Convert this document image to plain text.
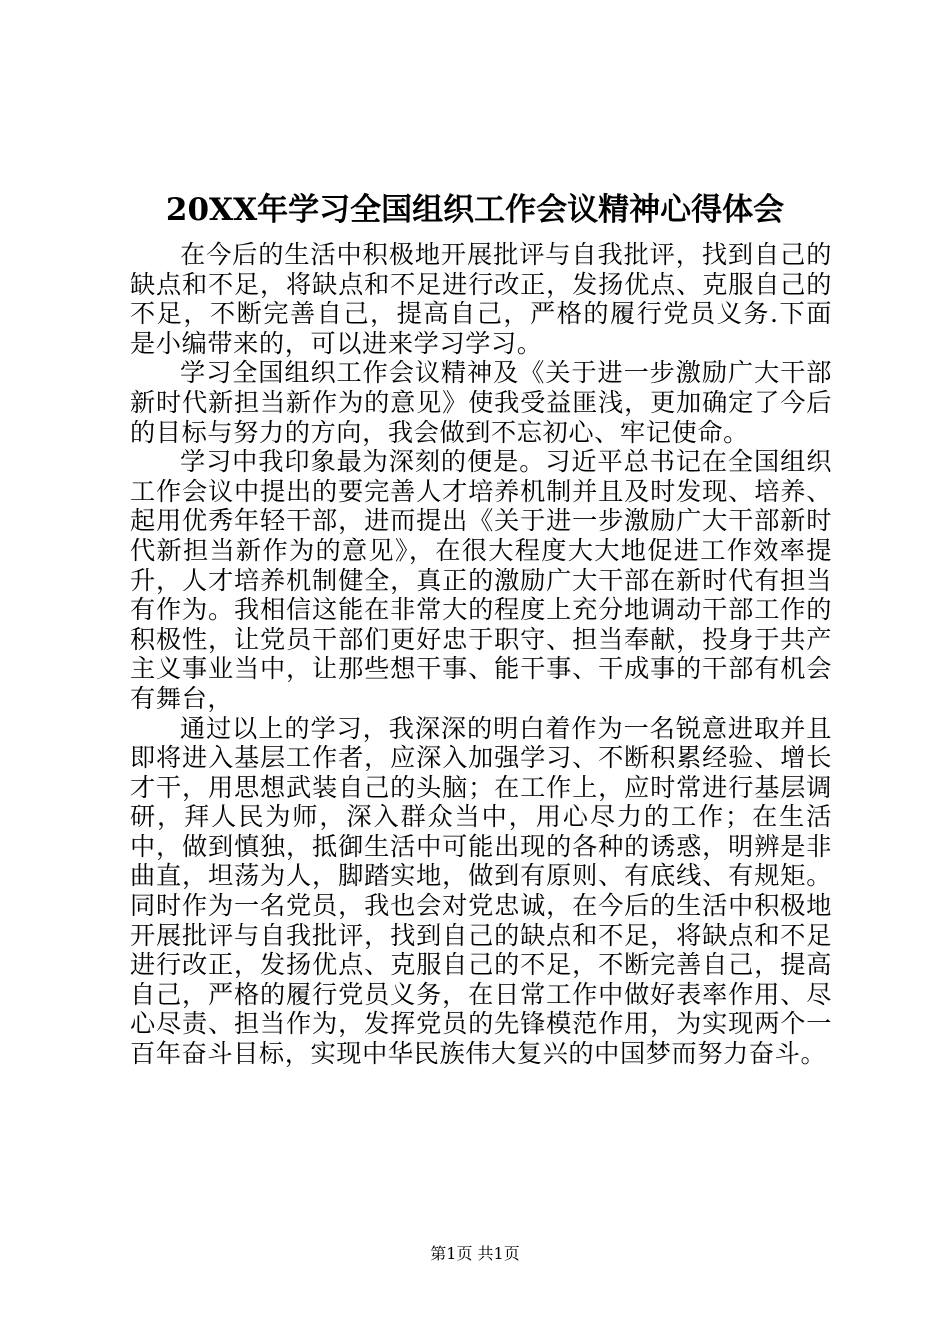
20XX年学习全国组织工作会议精神心得体会

在今后的生活中积极地开展批评与自我批评，找到自己的缺点和不足，将缺点和不足进行改正，发扬优点、克服自己的不足，不断完善自己，提高自己，严格的履行党员义务.下面是小编带来的，可以进来学习学习。

学习全国组织工作会议精神及《关于进一步激励广大干部新时代新担当新作为的意见》使我受益匪浅，更加确定了今后的目标与努力的方向，我会做到不忘初心、牢记使命。

学习中我印象最为深刻的便是。习近平总书记在全国组织工作会议中提出的要完善人才培养机制并且及时发现、培养、起用优秀年轻干部，进而提出《关于进一步激励广大干部新时代新担当新作为的意见》，在很大程度大大地促进工作效率提升，人才培养机制健全，真正的激励广大干部在新时代有担当有作为。我相信这能在非常大的程度上充分地调动干部工作的积极性，让党员干部们更好忠于职守、担当奉献，投身于共产主义事业当中，让那些想干事、能干事、干成事的干部有机会有舞台，

通过以上的学习，我深深的明白着作为一名锐意进取并且即将进入基层工作者，应深入加强学习、不断积累经验、增长才干，用思想武装自己的头脑；在工作上，应时常进行基层调研，拜人民为师，深入群众当中，用心尽力的工作；在生活中，做到慎独，抵御生活中可能出现的各种的诱惑，明辨是非曲直，坦荡为人，脚踏实地，做到有原则、有底线、有规矩。同时作为一名党员，我也会对党忠诚，在今后的生活中积极地开展批评与自我批评，找到自己的缺点和不足，将缺点和不足进行改正，发扬优点、克服自己的不足，不断完善自己，提高自己，严格的履行党员义务，在日常工作中做好表率作用、尽心尽责、担当作为，发挥党员的先锋模范作用，为实现两个一百年奋斗目标，实现中华民族伟大复兴的中国梦而努力奋斗。

第1页 共1页
